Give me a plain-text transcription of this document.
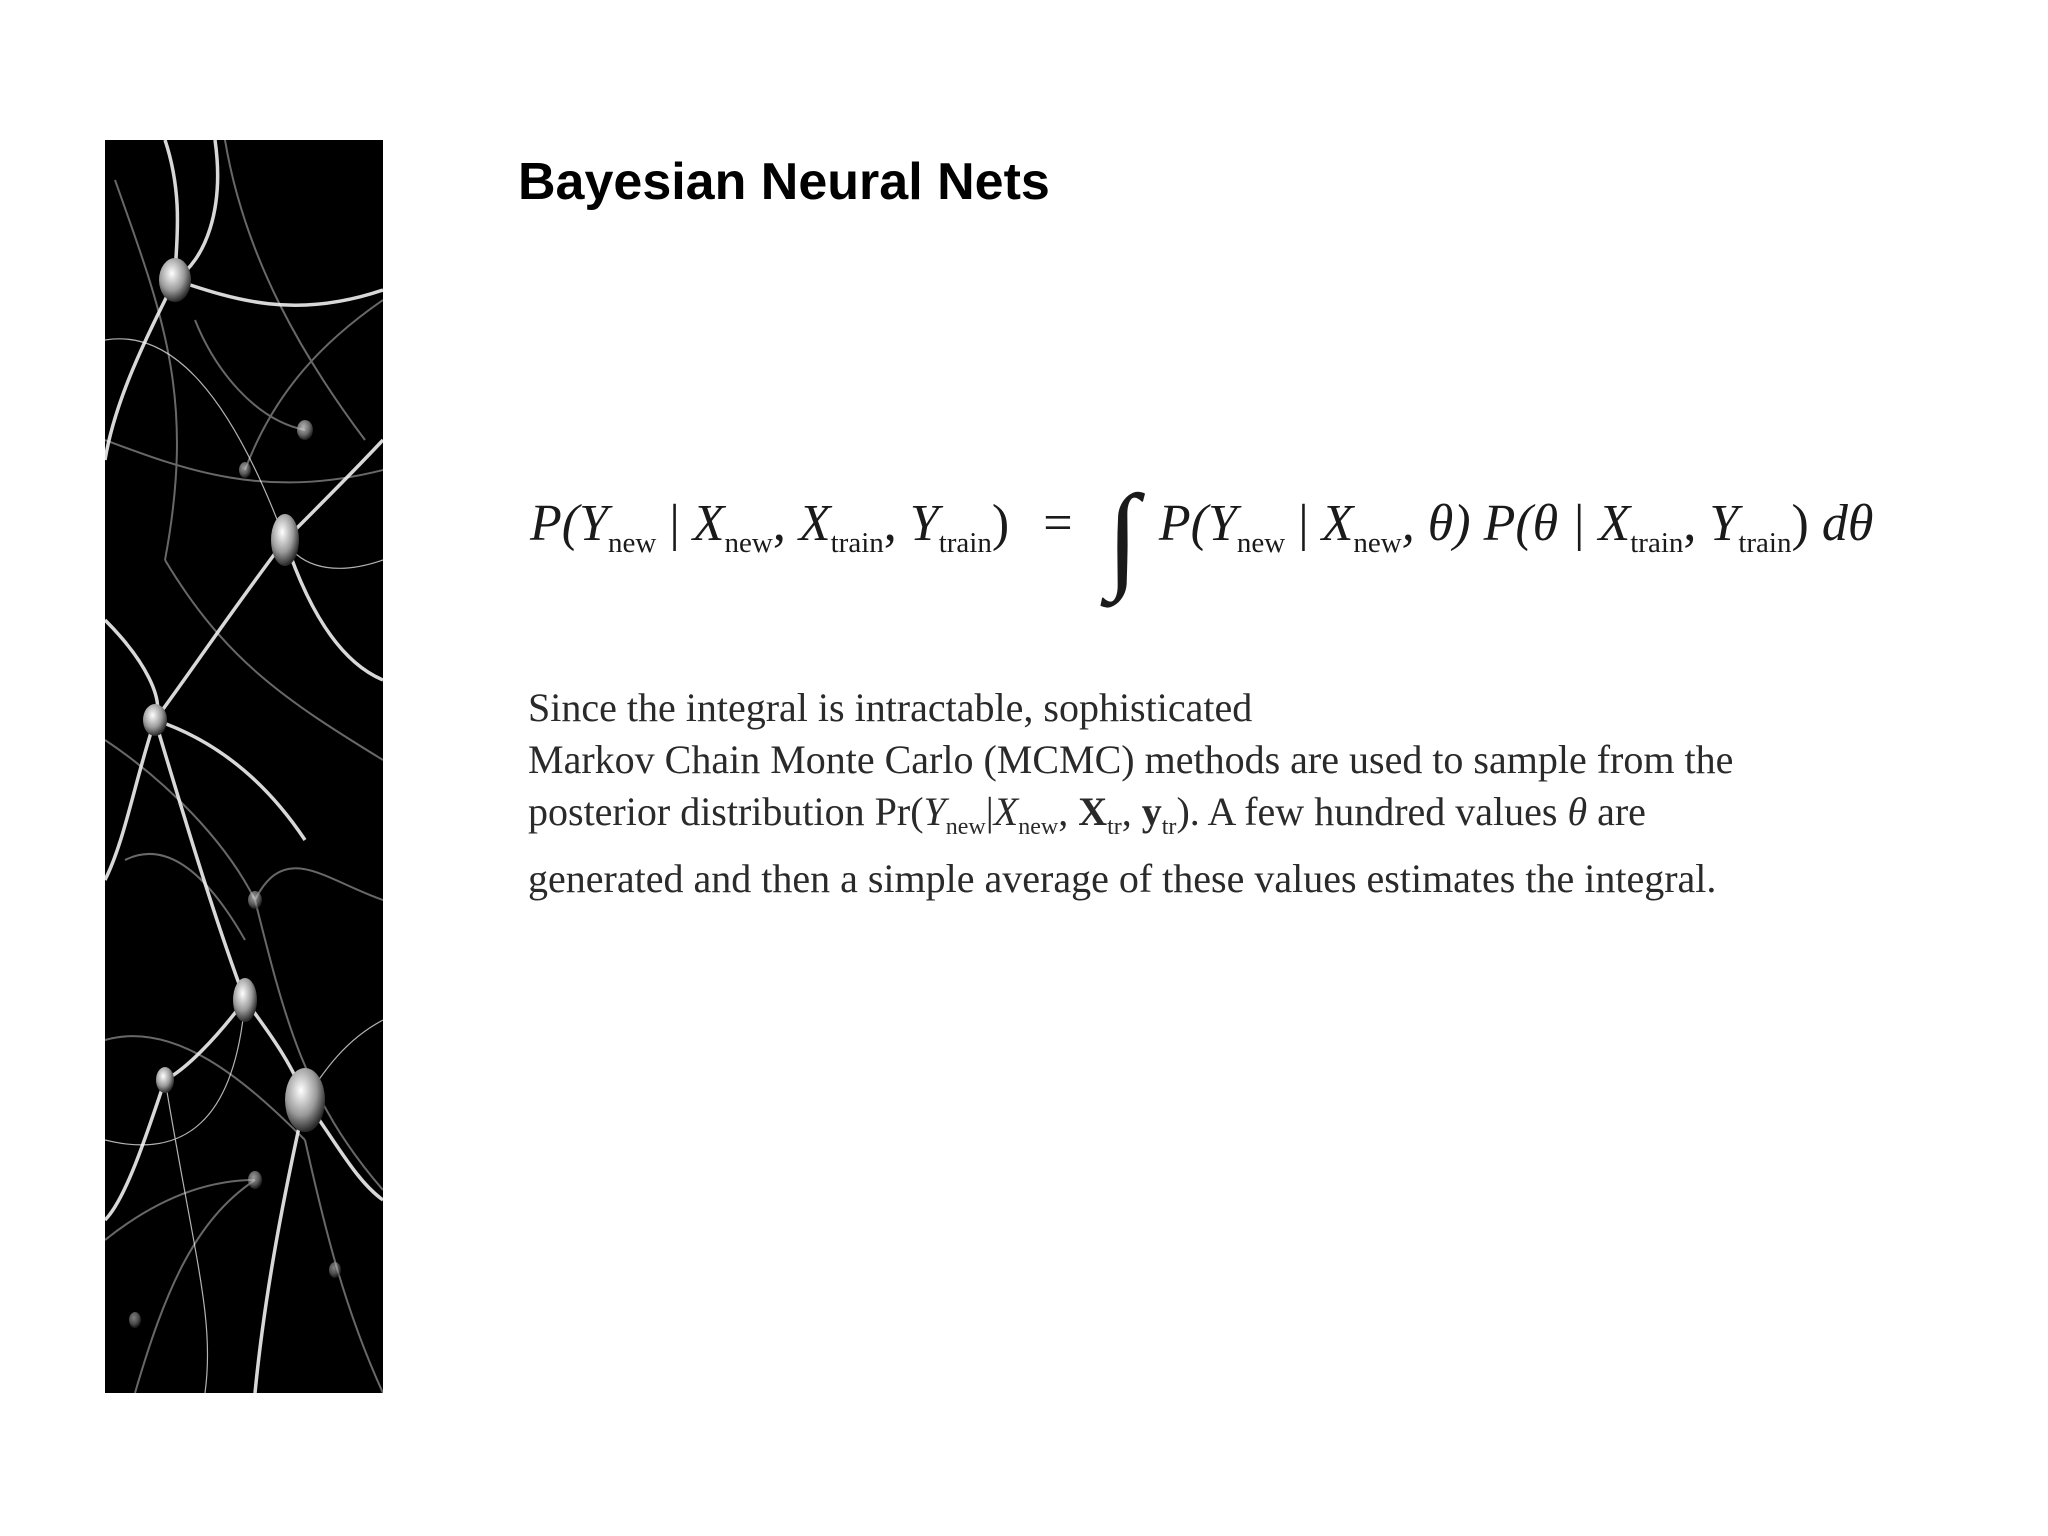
Bayesian Neural Nets
$P(Y_{new}$ | $X_{new}$, $X_{train}$, $Y_{train}$) = ∫ $P(Y_{new}$ | $X_{new}$, θ) P(θ | $X_{train}$, $Y_{train}$) dθ
Since the integral is intractable, sophisticated
Markov Chain Monte Carlo (MCMC) methods are used to sample from the
posterior distribution $Pr(Y_{new}|X_{new}$, $X_{tr}$, $y_{tr}$). A few hundred values θ are
generated and then a simple average of these values estimates the integral.
